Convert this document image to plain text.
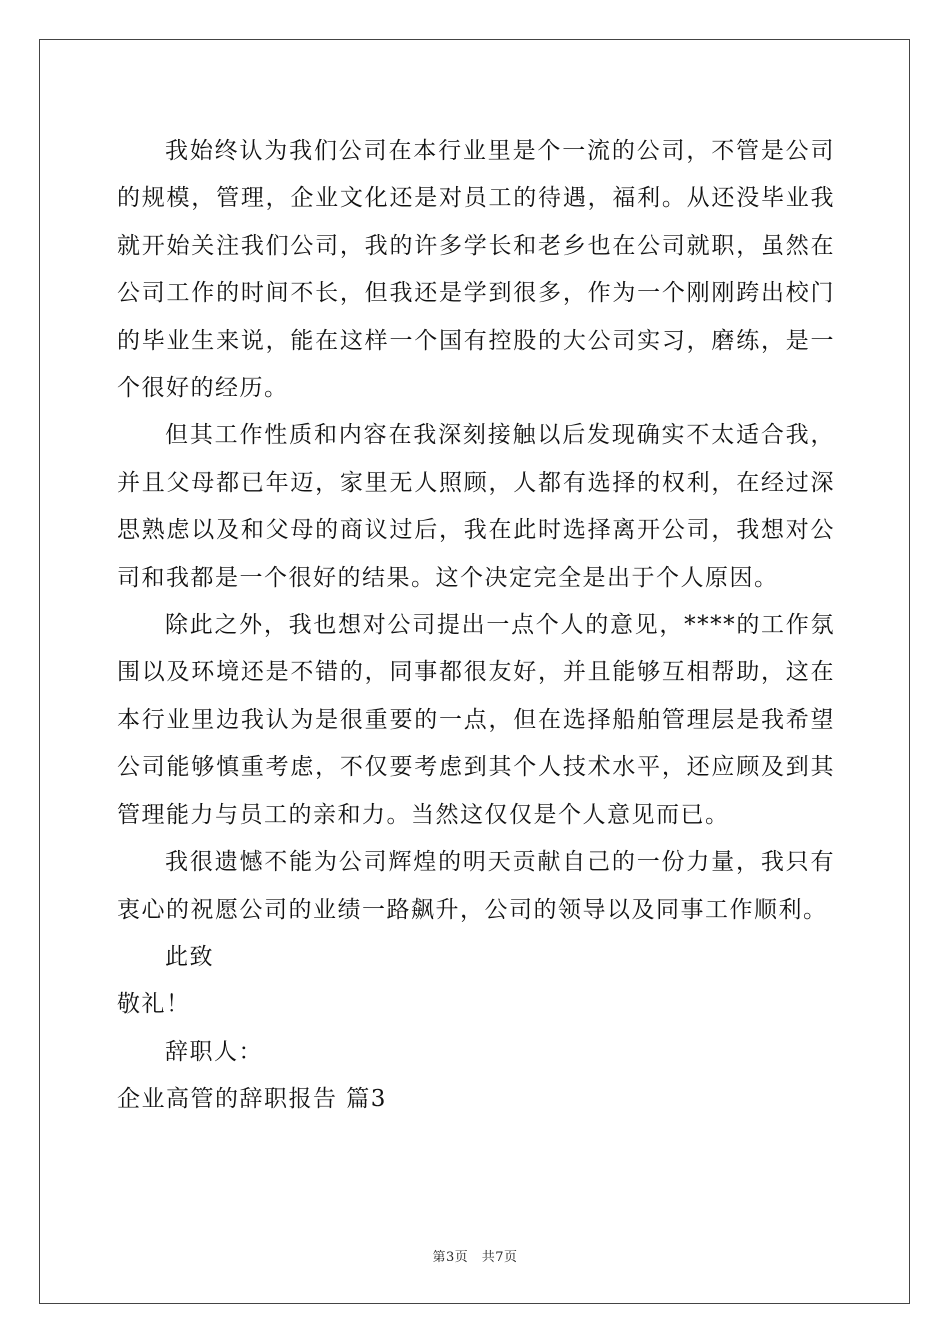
我始终认为我们公司在本行业里是个一流的公司，不管是公司的规模，管理，企业文化还是对员工的待遇，福利。从还没毕业我就开始关注我们公司，我的许多学长和老乡也在公司就职，虽然在公司工作的时间不长，但我还是学到很多，作为一个刚刚跨出校门的毕业生来说，能在这样一个国有控股的大公司实习，磨练，是一个很好的经历。

但其工作性质和内容在我深刻接触以后发现确实不太适合我，并且父母都已年迈，家里无人照顾，人都有选择的权利，在经过深思熟虑以及和父母的商议过后，我在此时选择离开公司，我想对公司和我都是一个很好的结果。这个决定完全是出于个人原因。

除此之外，我也想对公司提出一点个人的意见，****的工作氛围以及环境还是不错的，同事都很友好，并且能够互相帮助，这在本行业里边我认为是很重要的一点，但在选择船舶管理层是我希望公司能够慎重考虑，不仅要考虑到其个人技术水平，还应顾及到其管理能力与员工的亲和力。当然这仅仅是个人意见而已。

我很遗憾不能为公司辉煌的明天贡献自己的一份力量，我只有衷心的祝愿公司的业绩一路飙升，公司的领导以及同事工作顺利。

此致

敬礼！

辞职人：

企业高管的辞职报告 篇3

第3页　共7页
